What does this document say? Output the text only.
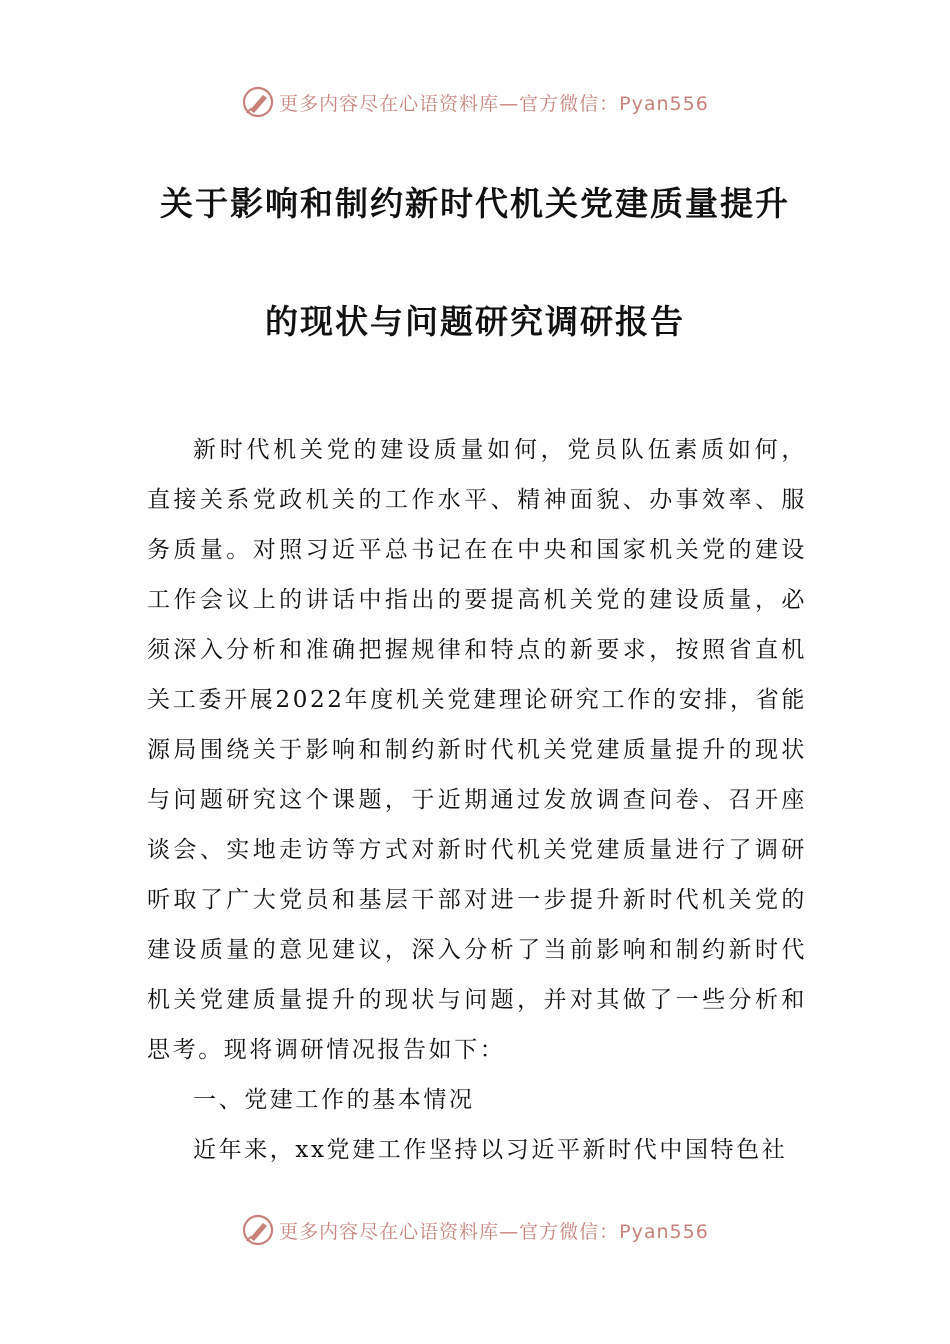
更多内容尽在心语资料库—官方微信：Pyan556
关于影响和制约新时代机关党建质量提升
的现状与问题研究调研报告

新时代机关党的建设质量如何，党员队伍素质如何，直接关系党政机关的工作水平、精神面貌、办事效率、服务质量。对照习近平总书记在在中央和国家机关党的建设工作会议上的讲话中指出的要提高机关党的建设质量，必须深入分析和准确把握规律和特点的新要求，按照省直机关工委开展2022年度机关党建理论研究工作的安排，省能源局围绕关于影响和制约新时代机关党建质量提升的现状与问题研究这个课题，于近期通过发放调查问卷、召开座谈会、实地走访等方式对新时代机关党建质量进行了调研听取了广大党员和基层干部对进一步提升新时代机关党的建设质量的意见建议，深入分析了当前影响和制约新时代机关党建质量提升的现状与问题，并对其做了一些分析和思考。现将调研情况报告如下：

一、党建工作的基本情况

近年来，xx党建工作坚持以习近平新时代中国特色社

更多内容尽在心语资料库—官方微信：Pyan556
